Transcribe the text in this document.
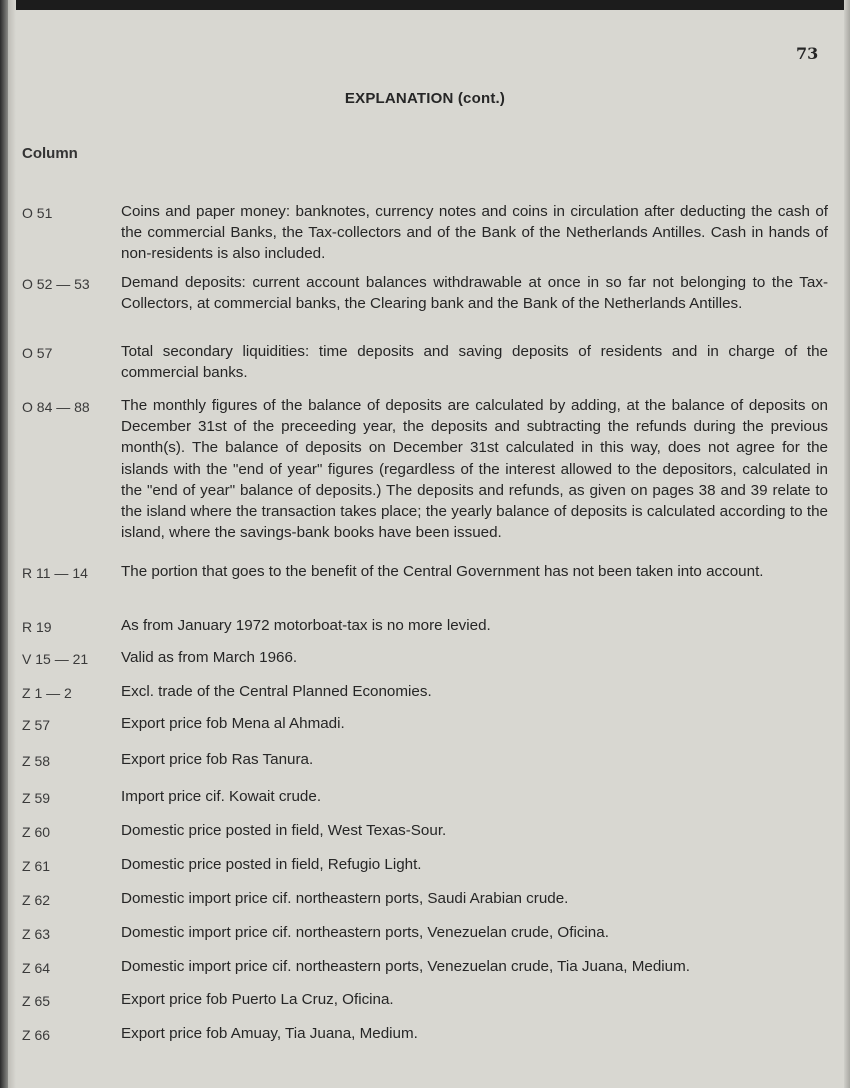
73
EXPLANATION (cont.)
Column
O 51	Coins and paper money: banknotes, currency notes and coins in circulation after deducting the cash of the commercial Banks, the Tax-collectors and of the Bank of the Netherlands Antilles. Cash in hands of non-residents is also included.
O 52 — 53 Demand deposits: current account balances withdrawable at once in so far not belonging to the Tax-Collectors, at commercial banks, the Clearing bank and the Bank of the Netherlands Antilles.
O 57	Total secondary liquidities: time deposits and saving deposits of residents and in charge of the commercial banks.
O 84 — 88 The monthly figures of the balance of deposits are calculated by adding, at the balance of deposits on December 31st of the preceeding year, the deposits and subtracting the refunds during the previous month(s). The balance of deposits on December 31st calculated in this way, does not agree for the islands with the "end of year" figures (regardless of the interest allowed to the depositors, calculated in the "end of year" balance of deposits.) The deposits and refunds, as given on pages 38 and 39 relate to the island where the transaction takes place; the yearly balance of deposits is calculated according to the island, where the savings-bank books have been issued.
R 11 — 14 The portion that goes to the benefit of the Central Government has not been taken into account.
R 19	As from January 1972 motorboat-tax is no more levied.
V 15 — 21 Valid as from March 1966.
Z 1 — 2	Excl. trade of the Central Planned Economies.
Z 57	Export price fob Mena al Ahmadi.
Z 58	Export price fob Ras Tanura.
Z 59	Import price cif. Kowait crude.
Z 60	Domestic price posted in field, West Texas-Sour.
Z 61	Domestic price posted in field, Refugio Light.
Z 62	Domestic import price cif. northeastern ports, Saudi Arabian crude.
Z 63	Domestic import price cif. northeastern ports, Venezuelan crude, Oficina.
Z 64	Domestic import price cif. northeastern ports, Venezuelan crude, Tia Juana, Medium.
Z 65	Export price fob Puerto La Cruz, Oficina.
Z 66	Export price fob Amuay, Tia Juana, Medium.
